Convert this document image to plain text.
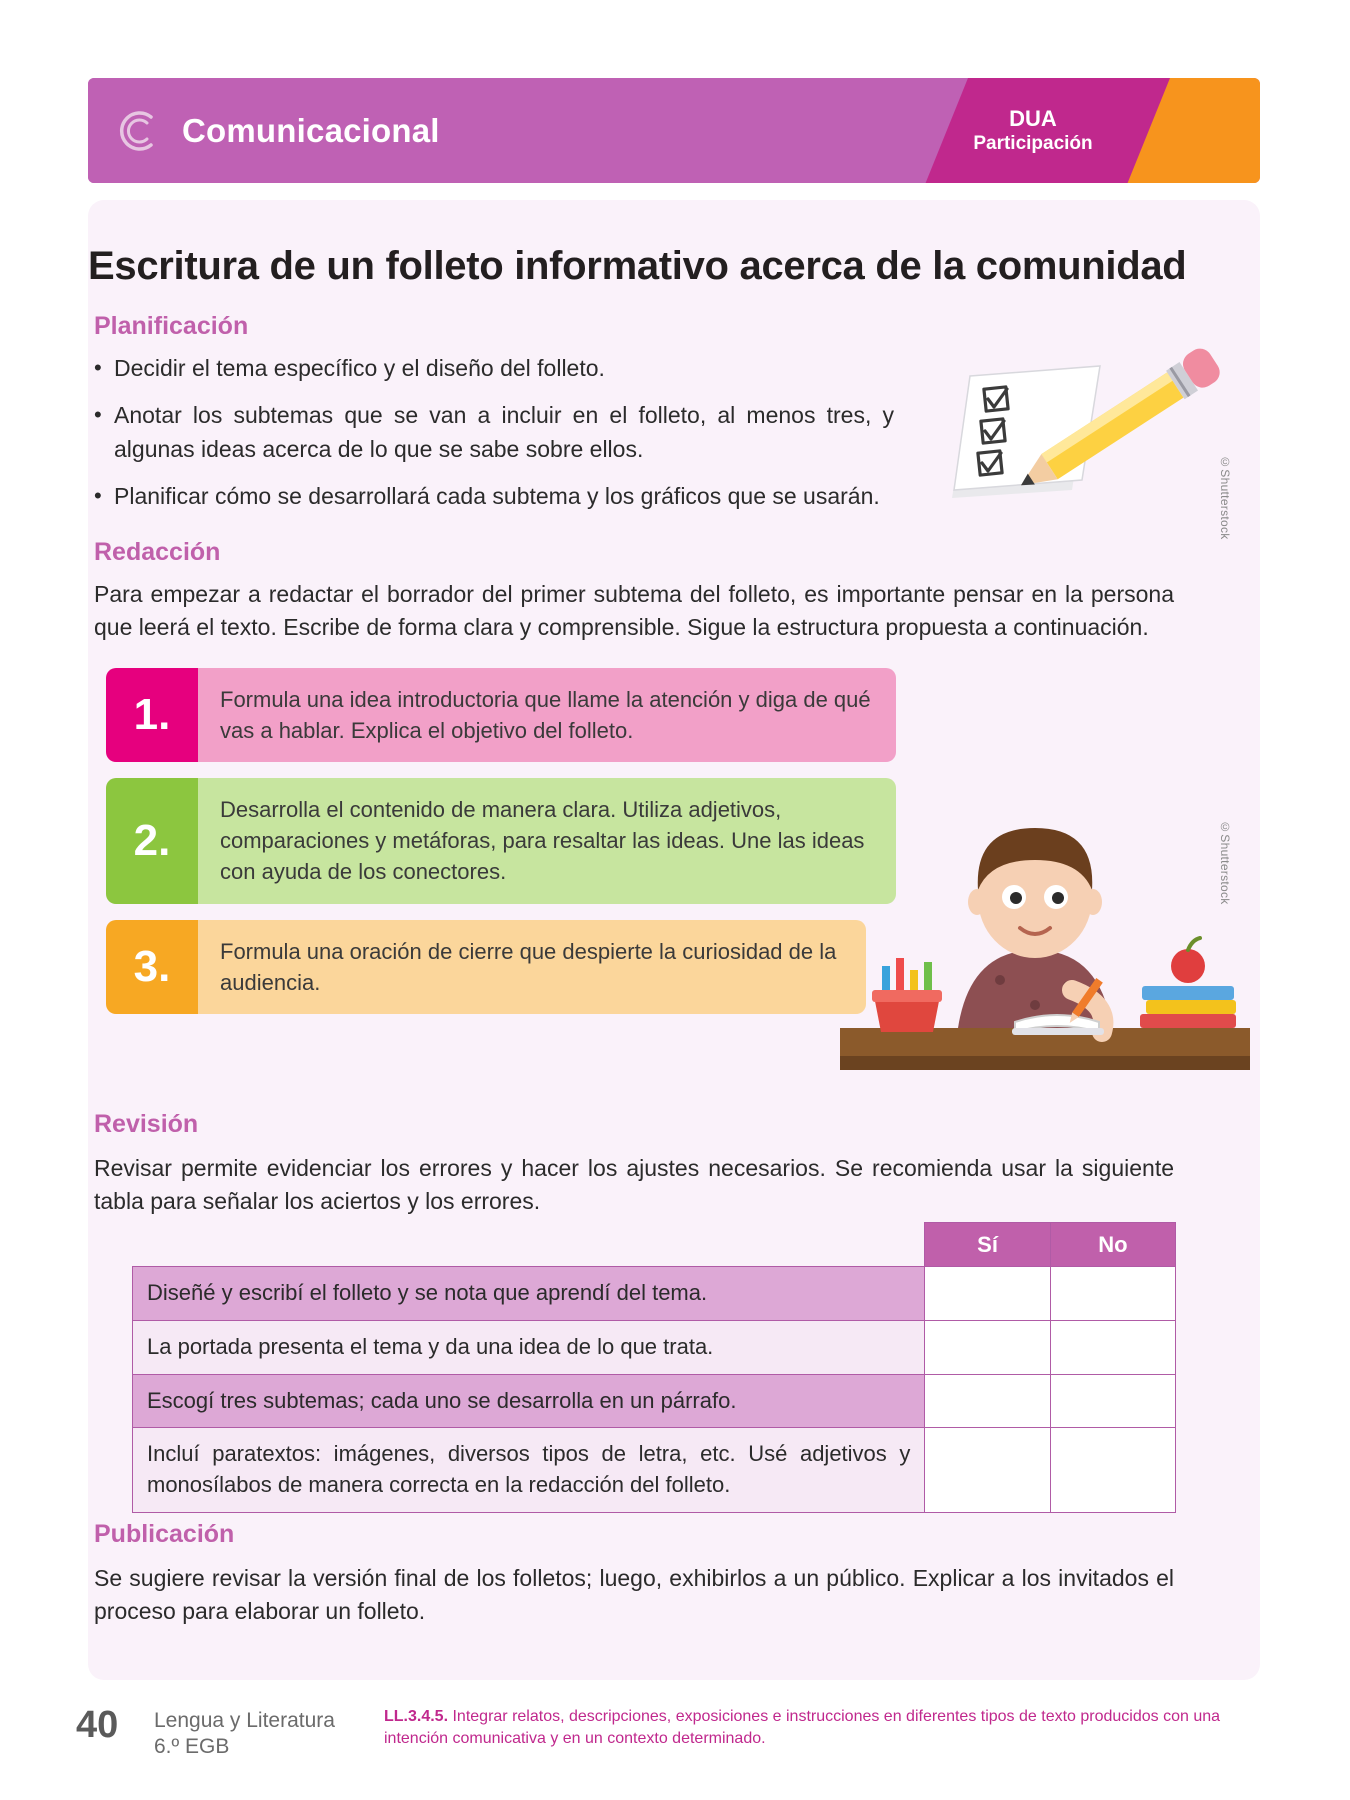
Comunicacional	DUA
Participación
Escritura de un folleto informativo acerca de la comunidad
Planificación
• Decidir el tema específico y el diseño del folleto.
• Anotar los subtemas que se van a incluir en el folleto, al menos tres, y algunas ideas acerca de lo que se sabe sobre ellos.
• Planificar cómo se desarrollará cada subtema y los gráficos que se usarán.	©Shutterstock
Redacción
Para empezar a redactar el borrador del primer subtema del folleto, es importante pensar en la persona que leerá el texto. Escribe de forma clara y comprensible. Sigue la estructura propuesta a continuación.
1.	Formula una idea introductoria que llame la atención y diga de qué vas a hablar. Explica el objetivo del folleto.
2.
Desarrolla el contenido de manera clara. Utiliza adjetivos, comparaciones y metáforas, para resaltar las ideas. Une las ideas con ayuda de los conectores.
3.	Formula una oración de cierre que despierte la curiosidad de la audiencia.
©Shutterstock
Revisión
Revisar permite evidenciar los errores y hacer los ajustes necesarios. Se recomienda usar la siguiente tabla para señalar los aciertos y los errores.
	Sí	No
Diseñé y escribí el folleto y se nota que aprendí del tema.		
La portada presenta el tema y da una idea de lo que trata.		
Escogí tres subtemas; cada uno se desarrolla en un párrafo.		
Incluí paratextos: imágenes, diversos tipos de letra, etc. Usé adjetivos y monosílabos de manera correcta en la redacción del folleto.		
Publicación
Se sugiere revisar la versión final de los folletos; luego, exhibirlos a un público. Explicar a los invitados el proceso para elaborar un folleto.
40 Lengua y Literatura
6.º EGB
LL.3.4.5. Integrar relatos, descripciones, exposiciones e instrucciones en diferentes tipos de texto producidos con una intención comunicativa y en un contexto determinado.
